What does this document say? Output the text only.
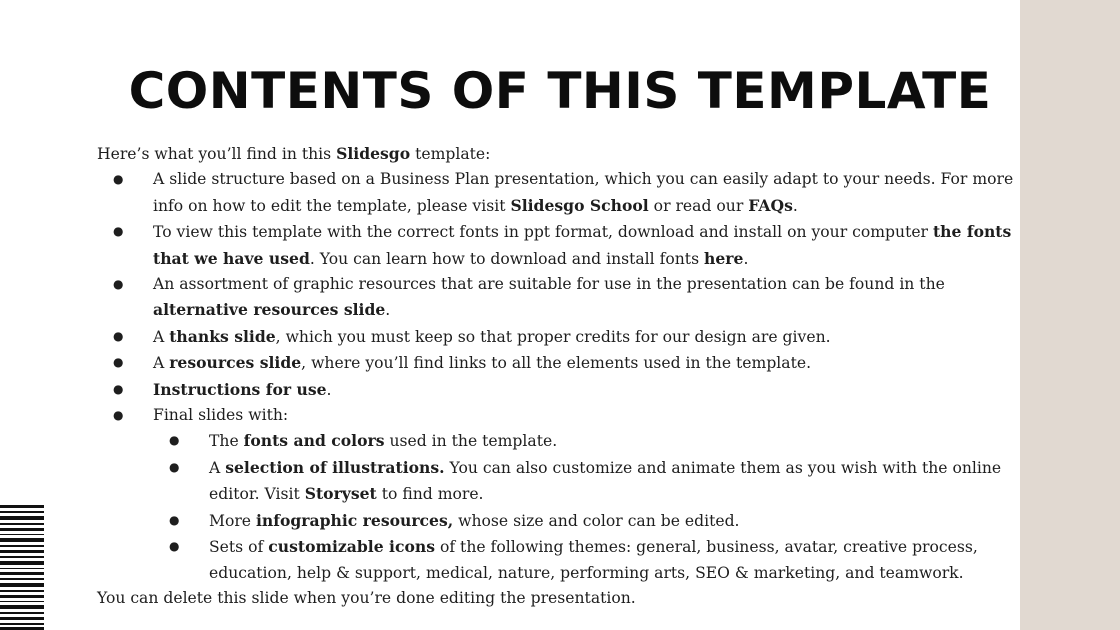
CONTENTS OF THIS TEMPLATE

Here’s what you’ll find in this Slidesgo template:

● A slide structure based on a Business Plan presentation, which you can easily adapt to your needs. For more info on how to edit the template, please visit Slidesgo School or read our FAQs.
● To view this template with the correct fonts in ppt format, download and install on your computer the fonts that we have used. You can learn how to download and install fonts here.
● An assortment of graphic resources that are suitable for use in the presentation can be found in the alternative resources slide.
● A thanks slide, which you must keep so that proper credits for our design are given.
● A resources slide, where you’ll find links to all the elements used in the template.
● Instructions for use.
● Final slides with:
● The fonts and colors used in the template.
● A selection of illustrations. You can also customize and animate them as you wish with the online editor. Visit Storyset to find more.
● More infographic resources, whose size and color can be edited.
● Sets of customizable icons of the following themes: general, business, avatar, creative process, education, help & support, medical, nature, performing arts, SEO & marketing, and teamwork.

You can delete this slide when you’re done editing the presentation.
